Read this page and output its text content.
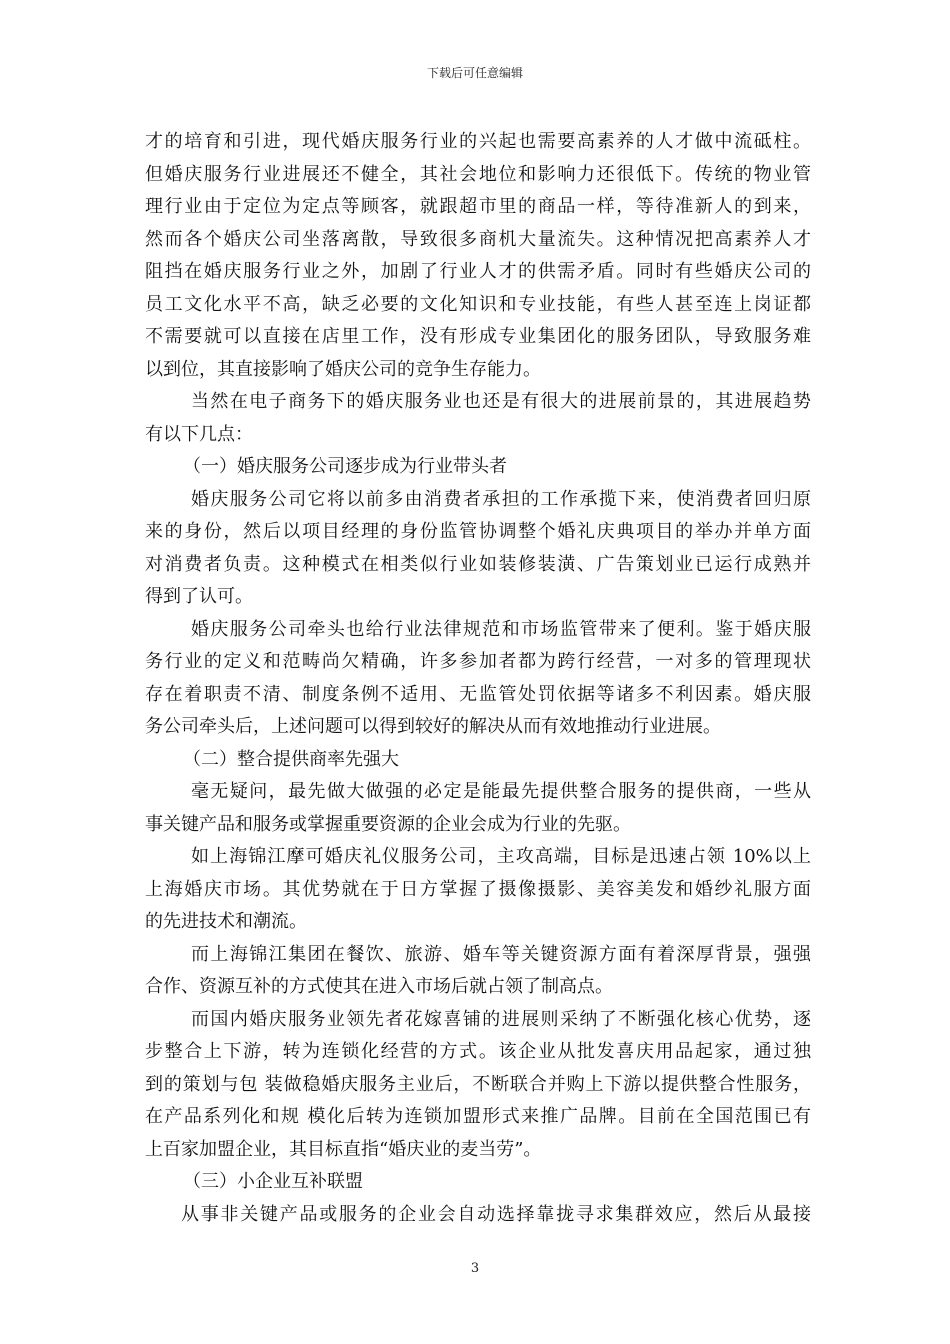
下载后可任意编辑
才的培育和引进，现代婚庆服务行业的兴起也需要高素养的人才做中流砥柱。
但婚庆服务行业进展还不健全，其社会地位和影响力还很低下。传统的物业管
理行业由于定位为定点等顾客，就跟超市里的商品一样，等待准新人的到来，
然而各个婚庆公司坐落离散，导致很多商机大量流失。这种情况把高素养人才
阻挡在婚庆服务行业之外，加剧了行业人才的供需矛盾。同时有些婚庆公司的
员工文化水平不高，缺乏必要的文化知识和专业技能，有些人甚至连上岗证都
不需要就可以直接在店里工作，没有形成专业集团化的服务团队，导致服务难
以到位，其直接影响了婚庆公司的竞争生存能力。
当然在电子商务下的婚庆服务业也还是有很大的进展前景的，其进展趋势
有以下几点：
（一）婚庆服务公司逐步成为行业带头者
婚庆服务公司它将以前多由消费者承担的工作承揽下来，使消费者回归原
来的身份，然后以项目经理的身份监管协调整个婚礼庆典项目的举办并单方面
对消费者负责。这种模式在相类似行业如装修装潢、广告策划业已运行成熟并
得到了认可。
婚庆服务公司牵头也给行业法律规范和市场监管带来了便利。鉴于婚庆服
务行业的定义和范畴尚欠精确，许多参加者都为跨行经营，一对多的管理现状
存在着职责不清、制度条例不适用、无监管处罚依据等诸多不利因素。婚庆服
务公司牵头后，上述问题可以得到较好的解决从而有效地推动行业进展。
（二）整合提供商率先强大
毫无疑问，最先做大做强的必定是能最先提供整合服务的提供商，一些从
事关键产品和服务或掌握重要资源的企业会成为行业的先驱。
如上海锦江摩可婚庆礼仪服务公司，主攻高端，目标是迅速占领 10%以上
上海婚庆市场。其优势就在于日方掌握了摄像摄影、美容美发和婚纱礼服方面
的先进技术和潮流。
而上海锦江集团在餐饮、旅游、婚车等关键资源方面有着深厚背景，强强
合作、资源互补的方式使其在进入市场后就占领了制高点。
而国内婚庆服务业领先者花嫁喜铺的进展则采纳了不断强化核心优势，逐
步整合上下游，转为连锁化经营的方式。该企业从批发喜庆用品起家，通过独
到的策划与包 装做稳婚庆服务主业后，不断联合并购上下游以提供整合性服务，
在产品系列化和规 模化后转为连锁加盟形式来推广品牌。目前在全国范围已有
上百家加盟企业，其目标直指“婚庆业的麦当劳”。
（三）小企业互补联盟
从事非关键产品或服务的企业会自动选择靠拢寻求集群效应，然后从最接
3
